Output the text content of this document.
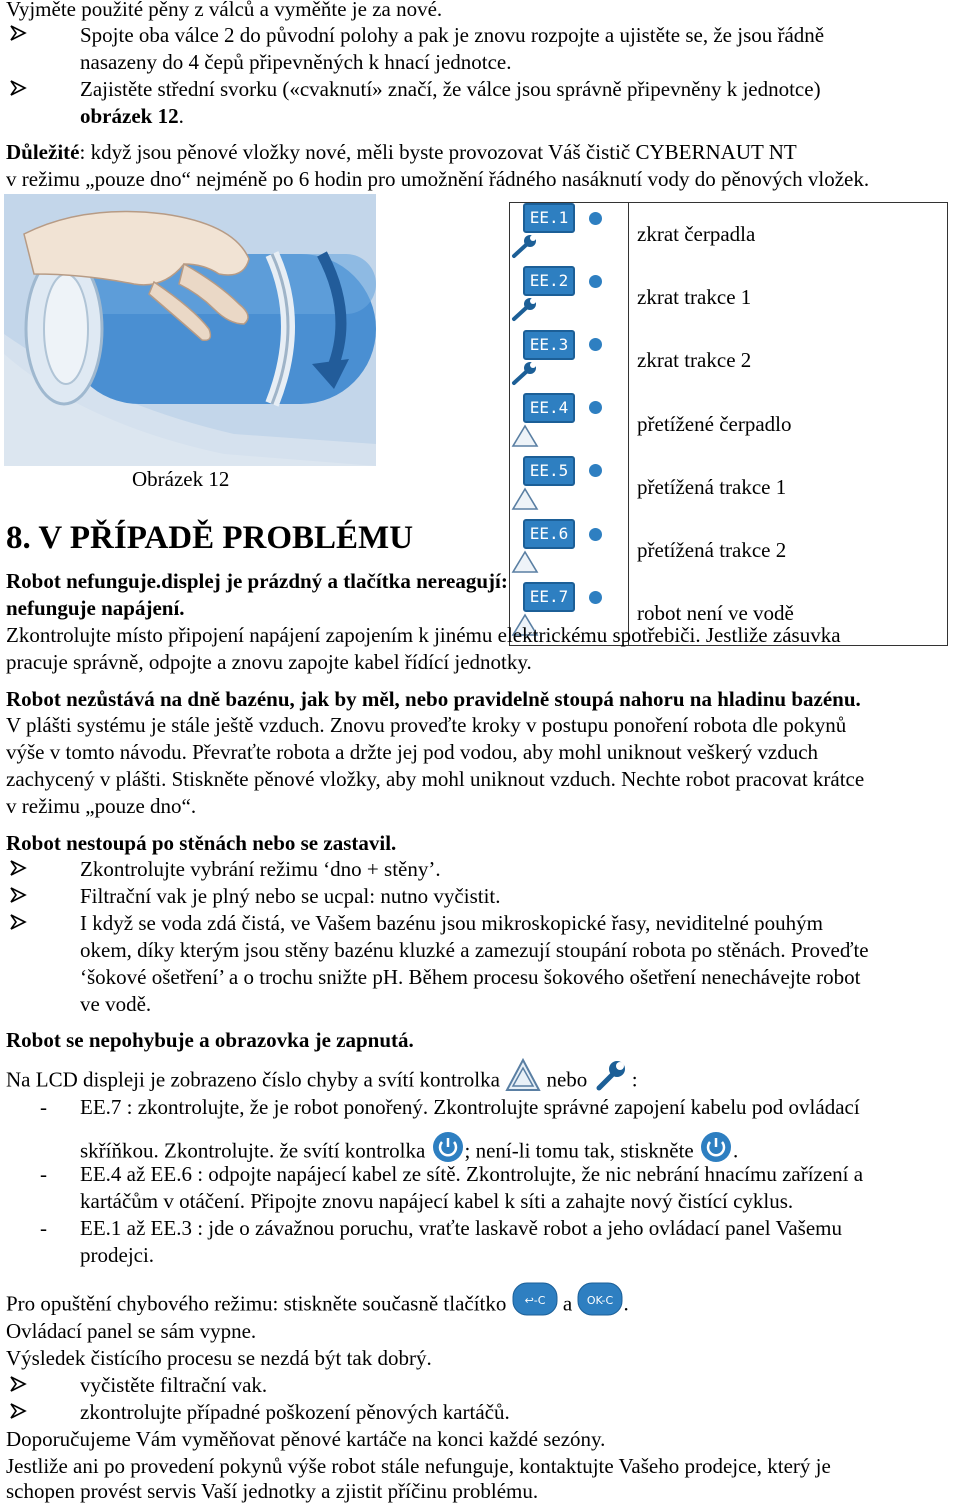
Vyjměte použité pěny z válců a vyměňte je za nové.
Spojte oba válce 2 do původní polohy a pak je znovu rozpojte a ujistěte se, že jsou řádně
nasazeny do 4 čepů připevněných k hnací jednotce.
Zajistěte střední svorku («cvaknutí» značí, že válce jsou správně připevněny k jednotce)
obrázek 12.
Důležité: když jsou pěnové vložky nové, měli byste provozovat Váš čistič CYBERNAUT NT
v režimu „pouze dno“ nejméně po 6 hodin pro umožnění řádného nasáknutí vody do pěnových vložek.
Obrázek 12
EE.1	zkrat čerpadla
EE.2	zkrat trakce 1
EE.3	zkrat trakce 2
EE.4	přetížené čerpadlo
EE.5	přetížená trakce 1
EE.6	přetížená trakce 2
EE.7	robot není ve vodě
8. V PŘÍPADĚ PROBLÉMU
Robot nefunguje.displej je prázdný a tlačítka nereagují:
nefunguje napájení.
Zkontrolujte místo připojení napájení zapojením k jinému elektrickému spotřebiči. Jestliže zásuvka
pracuje správně, odpojte a znovu zapojte kabel řídící jednotky.
Robot nezůstává na dně bazénu, jak by měl, nebo pravidelně stoupá nahoru na hladinu bazénu.
V plášti systému je stále ještě vzduch. Znovu proveďte kroky v postupu ponoření robota dle pokynů
výše v tomto návodu. Převraťte robota a držte jej pod vodou, aby mohl uniknout veškerý vzduch
zachycený v plášti. Stiskněte pěnové vložky, aby mohl uniknout vzduch. Nechte robot pracovat krátce
v režimu „pouze dno“.
Robot nestoupá po stěnách nebo se zastavil.
Zkontrolujte vybrání režimu ‘dno + stěny’.
Filtrační vak je plný nebo se ucpal: nutno vyčistit.
I když se voda zdá čistá, ve Vašem bazénu jsou mikroskopické řasy, neviditelné pouhým
okem, díky kterým jsou stěny bazénu kluzké a zamezují stoupání robota po stěnách. Proveďte
‘šokové ošetření’ a o trochu snižte pH. Během procesu šokového ošetření nenechávejte robot
ve vodě.
Robot se nepohybuje a obrazovka je zapnutá.
Na LCD displeji je zobrazeno číslo chyby a svítí kontrolka nebo :
- EE.7 : zkontrolujte, že je robot ponořený. Zkontrolujte správné zapojení kabelu pod ovládací
skříňkou. Zkontrolujte. že svítí kontrolka ; není-li tomu tak, stiskněte .
- EE.4 až EE.6 : odpojte napájecí kabel ze sítě. Zkontrolujte, že nic nebrání hnacímu zařízení a
kartáčům v otáčení. Připojte znovu napájecí kabel k síti a zahajte nový čistící cyklus.
- EE.1 až EE.3 : jde o závažnou poruchu, vraťte laskavě robot a jeho ovládací panel Vašemu
prodejci.
Pro opuštění chybového režimu: stiskněte současně tlačítko ↩-C a OK-C .
Ovládací panel se sám vypne.
Výsledek čistícího procesu se nezdá být tak dobrý.
vyčistěte filtrační vak.
zkontrolujte případné poškození pěnových kartáčů.
Doporučujeme Vám vyměňovat pěnové kartáče na konci každé sezóny.
Jestliže ani po provedení pokynů výše robot stále nefunguje, kontaktujte Vašeho prodejce, který je
schopen provést servis Vaší jednotky a zjistit příčinu problému.
